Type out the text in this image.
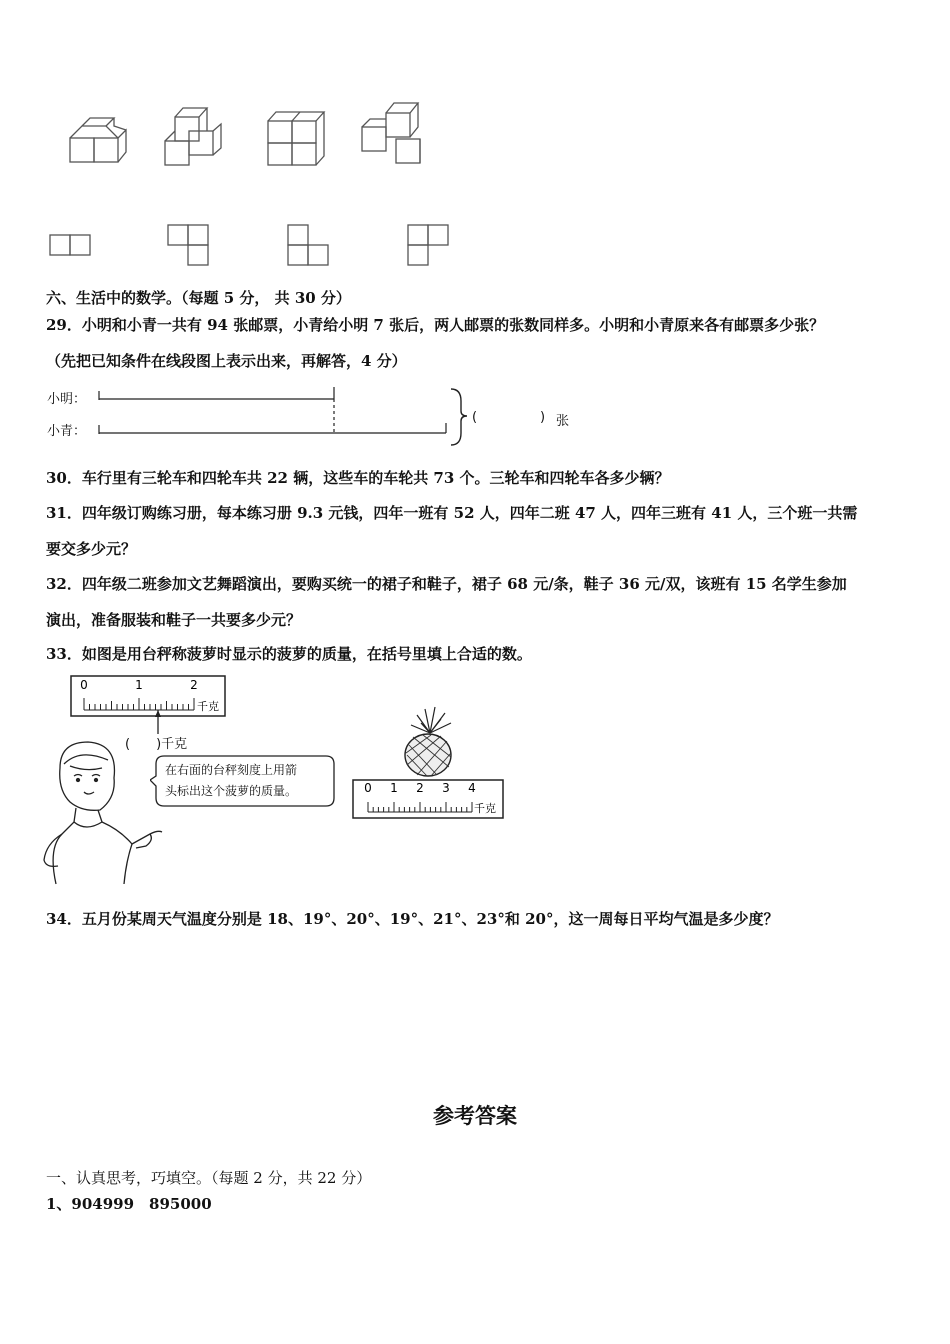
六、生活中的数学。（每题 5 分， 共 30 分）
29．小明和小青一共有 94 张邮票，小青给小明 7 张后，两人邮票的张数同样多。小明和小青原来各有邮票多少张？
（先把已知条件在线段图上表示出来，再解答，4 分）
小明：
小青：
(	) 张
30．车行里有三轮车和四轮车共 22 辆，这些车的车轮共 73 个。三轮车和四轮车各多少辆？
31．四年级订购练习册，每本练习册 9.3 元钱，四年一班有 52 人，四年二班 47 人，四年三班有 41 人，三个班一共需
要交多少元？
32．四年级二班参加文艺舞蹈演出，要购买统一的裙子和鞋子，裙子 68 元/条，鞋子 36 元/双，该班有 15 名学生参加
演出，准备服装和鞋子一共要多少元？
33．如图是用台秤称菠萝时显示的菠萝的质量，在括号里填上合适的数。
0	1	2
千克
(　　)千克
在右面的台秤刻度上用箭
头标出这个菠萝的质量。	0 1 2 3 4
千克
34．五月份某周天气温度分别是 18、19°、20°、19°、21°、23°和 20°，这一周每日平均气温是多少度？
参考答案
一、认真思考，巧填空。（每题 2 分，共 22 分）
1、904999　895000
